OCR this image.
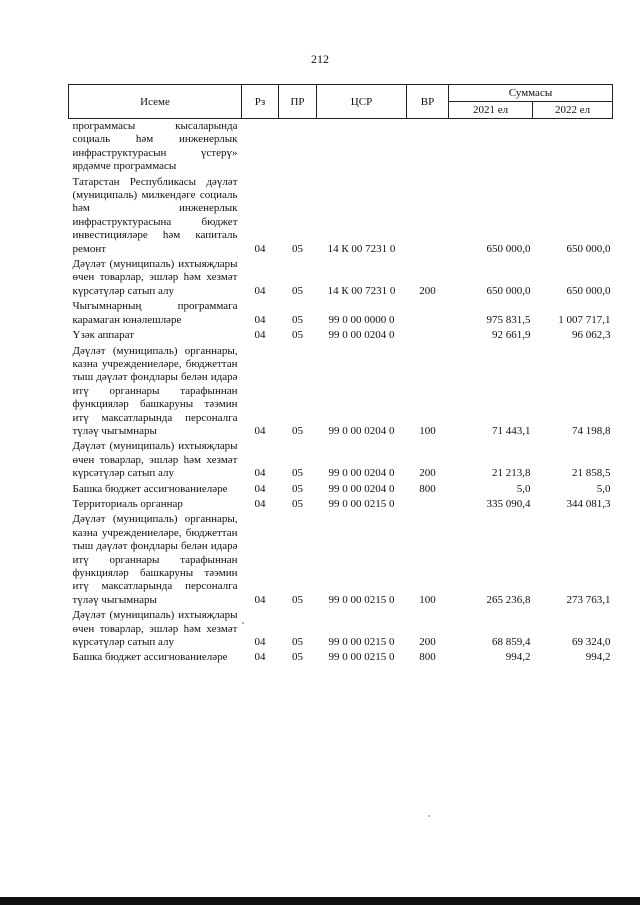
212
Исеме	Рз	ПР	ЦСР	ВР	Суммасы	
					2021 ел	2022 ел
программасы кысаларында социаль һәм инженерлык инфраструктурасын үстерү» ярдәмче программасы						
Татарстан Республикасы дәүләт (муниципаль) милкендәге социаль һәм инженерлык инфраструктурасына бюджет инвестицияләре һәм капиталь ремонт	04	05	14 К 00 7231 0		650 000,0	650 000,0
Дәүләт (муниципаль) ихтыяҗлары өчен товарлар, эшләр һәм хезмәт күрсәтүләр сатып алу	04	05	14 К 00 7231 0	200	650 000,0	650 000,0
Чыгымнарның программага карамаган юнәлешләре	04	05	99 0 00 0000 0		975 831,5	1 007 717,1
Үзәк аппарат	04	05	99 0 00 0204 0		92 661,9	96 062,3
Дәүләт (муниципаль) органнары, казна учреждениеләре, бюджеттан тыш дәүләт фондлары белән идарә итү органнары тарафыннан функцияләр башкаруны тәэмин итү максатларында персоналга түләү чыгымнары	04	05	99 0 00 0204 0	100	71 443,1	74 198,8
Дәүләт (муниципаль) ихтыяҗлары өчен товарлар, эшләр һәм хезмәт күрсәтүләр сатып алу	04	05	99 0 00 0204 0	200	21 213,8	21 858,5
Башка бюджет ассигнованиеләре	04	05	99 0 00 0204 0	800	5,0	5,0
Территориаль органнар	04	05	99 0 00 0215 0		335 090,4	344 081,3
Дәүләт (муниципаль) органнары, казна учреждениеләре, бюджеттан тыш дәүләт фондлары белән идарә итү органнары тарафыннан функцияләр башкаруны тәэмин итү максатларында персоналга түләү чыгымнары	04	05	99 0 00 0215 0	100	265 236,8	273 763,1
Дәүләт (муниципаль) ихтыяҗлары өчен товарлар, эшләр һәм хезмәт күрсәтүләр сатып алу	04	05	99 0 00 0215 0	200	68 859,4	69 324,0
Башка бюджет ассигнованиеләре	04	05	99 0 00 0215 0	800	994,2	994,2
